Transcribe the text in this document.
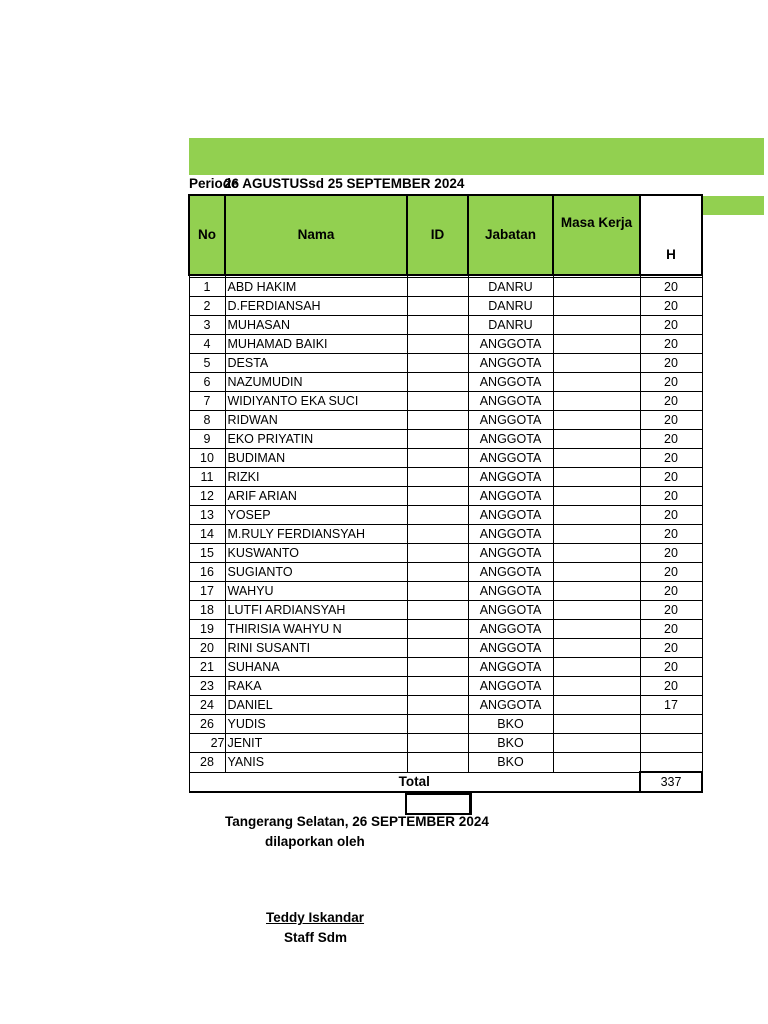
Periode26 AGUSTUSsd 25 SEPTEMBER 2024
No	Nama	ID	Jabatan	Masa Kerja	H

1	ABD HAKIM		DANRU		20
2	D.FERDIANSAH		DANRU		20
3	MUHASAN		DANRU		20
4	MUHAMAD BAIKI		ANGGOTA		20
5	DESTA		ANGGOTA		20
6	NAZUMUDIN		ANGGOTA		20
7	WIDIYANTO EKA SUCI		ANGGOTA		20
8	RIDWAN		ANGGOTA		20
9	EKO PRIYATIN		ANGGOTA		20
10	BUDIMAN		ANGGOTA		20
11	RIZKI		ANGGOTA		20
12	ARIF ARIAN		ANGGOTA		20
13	YOSEP		ANGGOTA		20
14	M.RULY FERDIANSYAH		ANGGOTA		20
15	KUSWANTO		ANGGOTA		20
16	SUGIANTO		ANGGOTA		20
17	WAHYU		ANGGOTA		20
18	LUTFI ARDIANSYAH		ANGGOTA		20
19	THIRISIA WAHYU N		ANGGOTA		20
20	RINI SUSANTI		ANGGOTA		20
21	SUHANA		ANGGOTA		20
23	RAKA		ANGGOTA		20
24	DANIEL		ANGGOTA		17
26	YUDIS		BKO		
27	JENIT		BKO		
28	YANIS		BKO		
Total					337
Tangerang Selatan, 26 SEPTEMBER 2024
dilaporkan oleh
Teddy Iskandar
Staff Sdm
